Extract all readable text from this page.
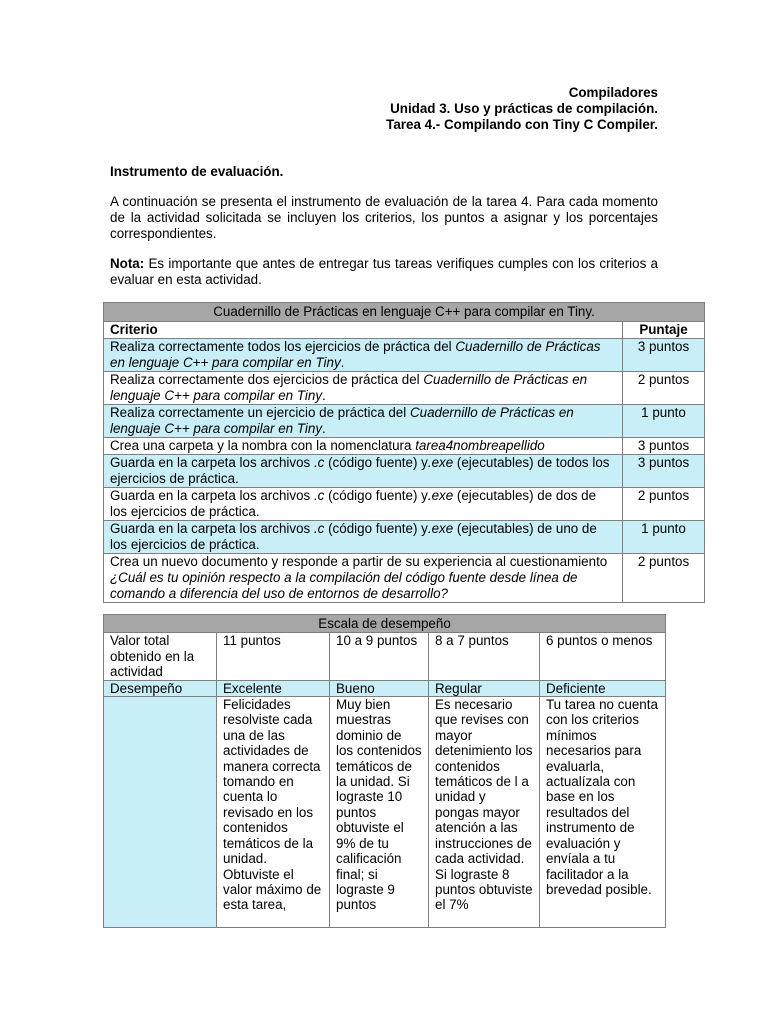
Compiladores
Unidad 3. Uso y prácticas de compilación.
Tarea 4.- Compilando con Tiny C Compiler.
Instrumento de evaluación.
A continuación se presenta el instrumento de evaluación de la tarea 4. Para cada momento de la actividad solicitada se incluyen los criterios, los puntos a asignar y los porcentajes correspondientes.
Nota: Es importante que antes de entregar tus tareas verifiques cumples con los criterios a evaluar en esta actividad.
Cuadernillo de Prácticas en lenguaje C++ para compilar en Tiny.	
Criterio	Puntaje
Realiza correctamente todos los ejercicios de práctica del Cuadernillo de Prácticas en lenguaje C++ para compilar en Tiny.	3 puntos
Realiza correctamente dos ejercicios de práctica del Cuadernillo de Prácticas en lenguaje C++ para compilar en Tiny.	2 puntos
Realiza correctamente un ejercicio de práctica del Cuadernillo de Prácticas en lenguaje C++ para compilar en Tiny.	1 punto
Crea una carpeta y la nombra con la nomenclatura tarea4nombreapellido	3 puntos
Guarda en la carpeta los archivos .c (código fuente) y.exe (ejecutables) de todos los ejercicios de práctica.	3 puntos
Guarda en la carpeta los archivos .c (código fuente) y.exe (ejecutables) de dos de los ejercicios de práctica.	2 puntos
Guarda en la carpeta los archivos .c (código fuente) y.exe (ejecutables) de uno de los ejercicios de práctica.	1 punto
Crea un nuevo documento y responde a partir de su experiencia al cuestionamiento ¿Cuál es tu opinión respecto a la compilación del código fuente desde línea de comando a diferencia del uso de entornos de desarrollo?	2 puntos
Escala de desempeño				
Valor total obtenido en la actividad	11 puntos	10 a 9 puntos	8 a 7 puntos	6 puntos o menos
Desempeño	Excelente	Bueno	Regular	Deficiente
	Felicidades resolviste cada una de las actividades de manera correcta tomando en cuenta lo revisado en los contenidos temáticos de la unidad. Obtuviste el valor máximo de esta tarea,	Muy bien muestras dominio de los contenidos temáticos de la unidad. Si lograste 10 puntos obtuviste el 9% de tu calificación final; si lograste 9 puntos	Es necesario que revises con mayor detenimiento los contenidos temáticos de l a unidad y pongas mayor atención a las instrucciones de cada actividad. Si lograste 8 puntos obtuviste el 7%	Tu tarea no cuenta con los criterios mínimos necesarios para evaluarla, actualízala con base en los resultados del instrumento de evaluación y envíala a tu facilitador a la brevedad posible.
